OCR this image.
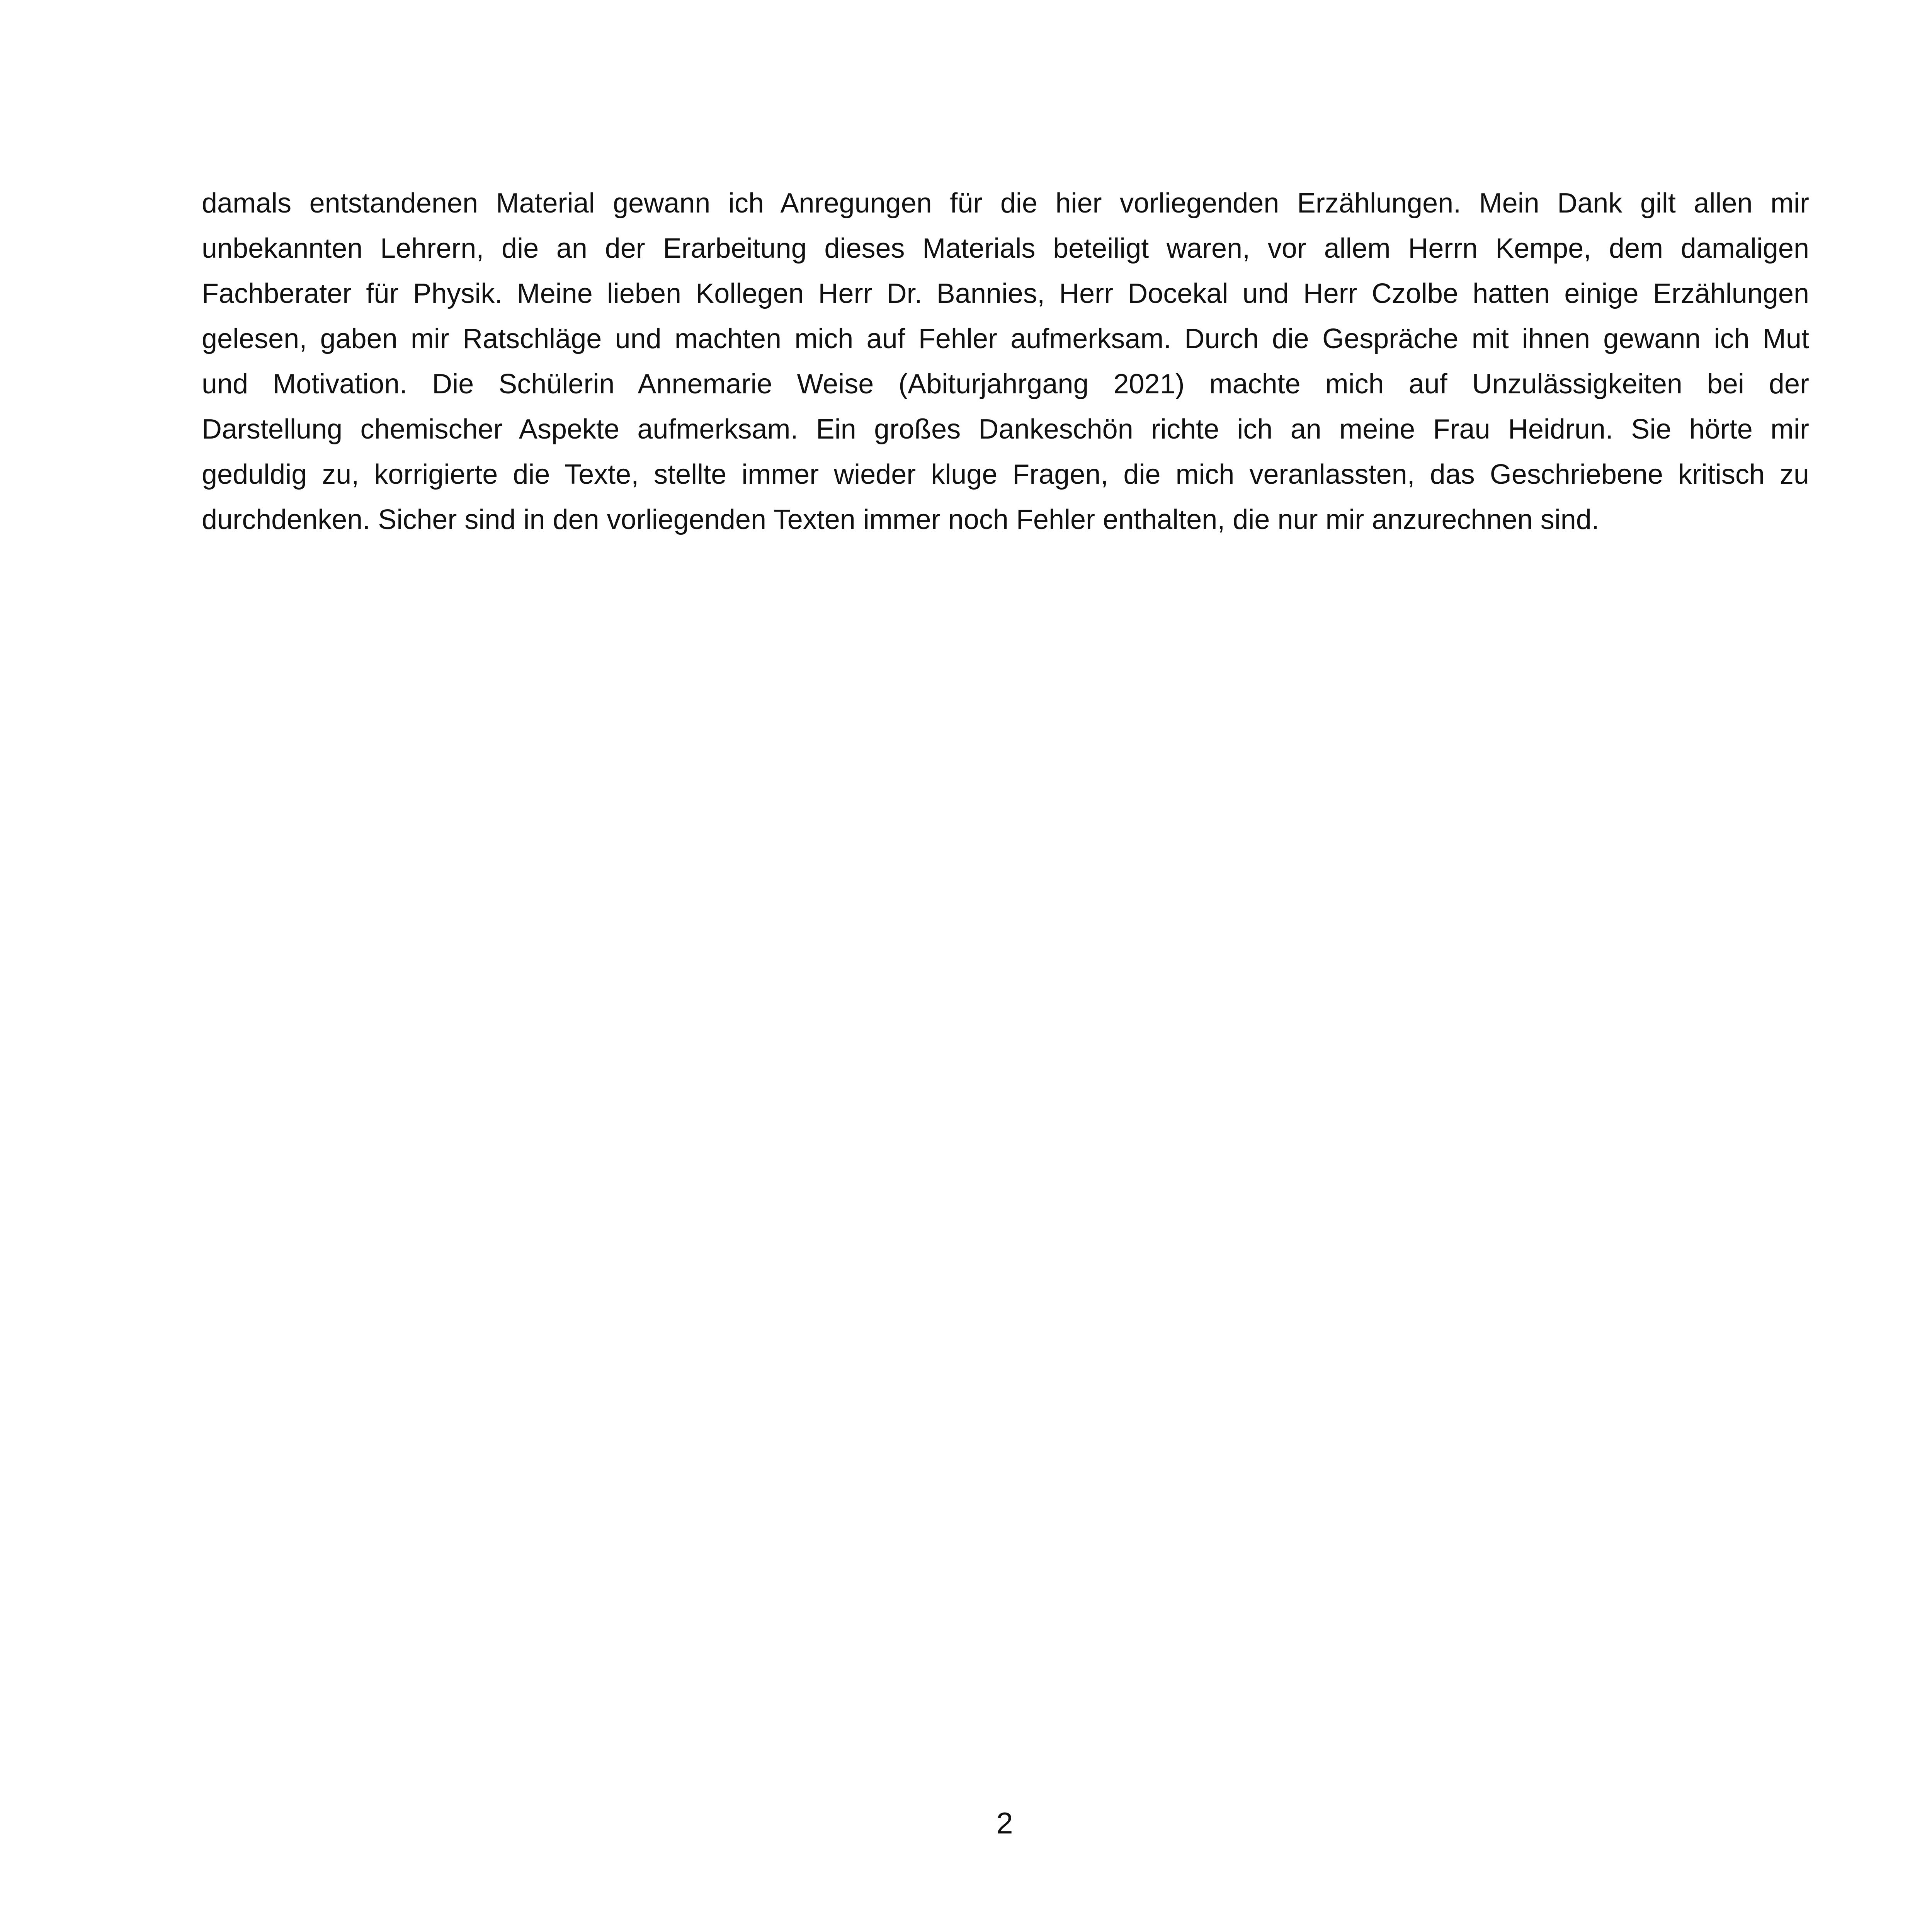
damals entstandenen Material gewann ich Anregungen für die hier vorliegenden Erzählungen. Mein Dank gilt allen mir
unbekannten Lehrern, die an der Erarbeitung dieses Materials beteiligt waren, vor allem Herrn Kempe, dem damaligen
Fachberater für Physik. Meine lieben Kollegen Herr Dr. Bannies, Herr Docekal und Herr Czolbe hatten einige Erzählungen
gelesen, gaben mir Ratschläge und machten mich auf Fehler aufmerksam. Durch die Gespräche mit ihnen gewann ich Mut
und Motivation. Die Schülerin Annemarie Weise (Abiturjahrgang 2021) machte mich auf Unzulässigkeiten bei der
Darstellung chemischer Aspekte aufmerksam. Ein großes Dankeschön richte ich an meine Frau Heidrun. Sie hörte mir
geduldig zu, korrigierte die Texte, stellte immer wieder kluge Fragen, die mich veranlassten, das Geschriebene kritisch zu
durchdenken. Sicher sind in den vorliegenden Texten immer noch Fehler enthalten, die nur mir anzurechnen sind.
2
